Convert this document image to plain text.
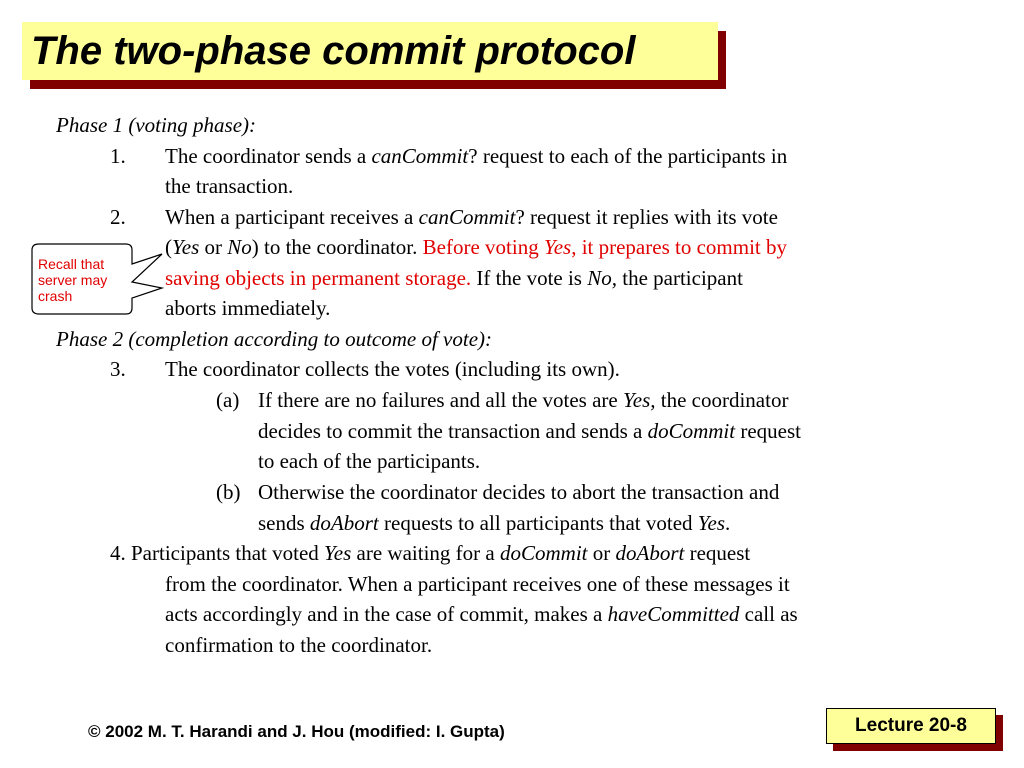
The two-phase commit protocol
Phase 1 (voting phase):
1. The coordinator sends a canCommit? request to each of the participants in
the transaction.
2. When a participant receives a canCommit? request it replies with its vote
(Yes or No) to the coordinator. Before voting Yes, it prepares to commit by
saving objects in permanent storage. If the vote is No, the participant
aborts immediately.
Phase 2 (completion according to outcome of vote):
3. The coordinator collects the votes (including its own).
(a) If there are no failures and all the votes are Yes, the coordinator
decides to commit the transaction and sends a doCommit request
to each of the participants.
(b) Otherwise the coordinator decides to abort the transaction and
sends doAbort requests to all participants that voted Yes.
4. Participants that voted Yes are waiting for a doCommit or doAbort request
from the coordinator. When a participant receives one of these messages it
acts accordingly and in the case of commit, makes a haveCommitted call as
confirmation to the coordinator.
Recall that server may crash
© 2002 M. T. Harandi and J. Hou (modified: I. Gupta)	Lecture 20-8
